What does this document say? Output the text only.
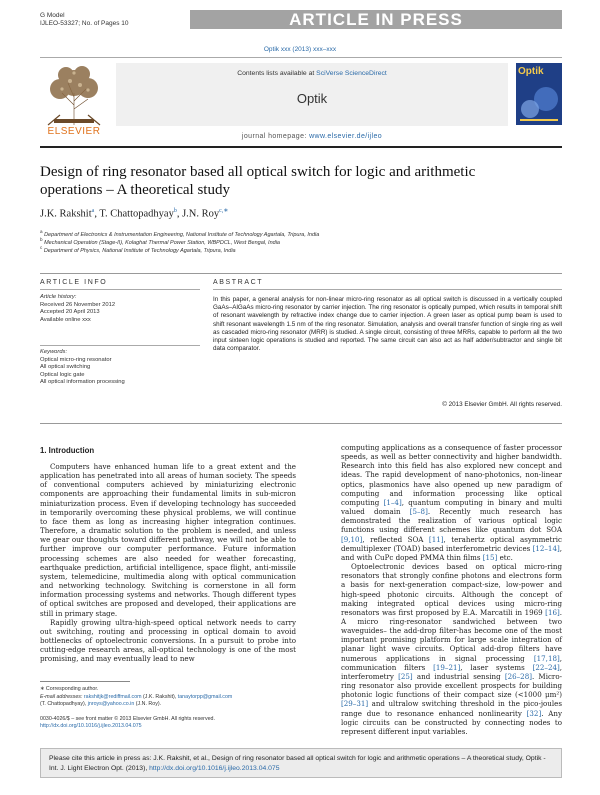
G Model
IJLEO-53327; No. of Pages 10	ARTICLE IN PRESS
Optik xxx (2013) xxx–xxx
ELSEVIER
Contents lists available at SciVerse ScienceDirect
Optik
journal homepage: www.elsevier.de/ijleo
Optik
Design of ring resonator based all optical switch for logic and arithmetic operations – A theoretical study
J.K. Rakshit$^a$, T. Chattopadhyay$^b$, J.N. Roy$^{c,∗}$
$^a$ Department of Electronics & Instrumentation Engineering, National Institute of Technology Agartala, Tripura, India
$^b$ Mechanical Operation (Stage-II), Kolaghat Thermal Power Station, WBPDCL, West Bengal, India
$^c$ Department of Physics, National Institute of Technology Agartala, Tripura, India
ARTICLE INFO
Article history:
Received 26 November 2012
Accepted 20 April 2013
Available online xxx
Keywords:
Optical micro-ring resonator
All optical switching
Optical logic gate
All optical information processing
ABSTRACT
In this paper, a general analysis for non-linear micro-ring resonator as all optical switch is discussed in a vertically coupled GaAs–AlGaAs micro-ring resonator by carrier injection. The ring resonator is optically pumped, which results in temporal shift of resonant wavelength by refractive index change due to carrier injection. A green laser as optical pump beam is used to shift resonant wavelength 1.5 nm of the ring resonator. Simulation, analysis and overall transfer function of single ring as well as cascaded micro-ring resonator (MRR) is studied. A single circuit, consisting of three MRRs, capable to perform all the two input sixteen logic operations is studied and reported. The same circuit can also act as half adder/subtractor and single bit data comparator.
© 2013 Elsevier GmbH. All rights reserved.
1. Introduction

Computers have enhanced human life to a great extent and the application has penetrated into all areas of human society. The speeds of conventional computers achieved by miniaturizing electronic components are approaching their fundamental limits in sub-micron miniaturization process. Even if developing technology has succeeded in temporarily overcoming these physical problems, we will continue to face them as long as increasing higher integration continues. Therefore, a dramatic solution to the problem is needed, and unless we gear our thoughts toward different pathway, we will not be able to further improve our computer performance. Future information processing schemes are also needed for weather forecasting, earthquake prediction, artificial intelligence, space flight, anti-missile system, telemedicine, multimedia along with optical communication and networking technology. Switching is cornerstone in all form information processing systems and networks. Though different types of optical switches are proposed and developed, their applications are still in primary stage.

Rapidly growing ultra-high-speed optical network needs to carry out switching, routing and processing in optical domain to avoid bottlenecks of optoelectronic conversions. In a pursuit to probe into cutting-edge research areas, all-optical technology is one of the most promising, and may eventually lead to new

computing applications as a consequence of faster processor speeds, as well as better connectivity and higher bandwidth. Research into this field has also explored new concept and ideas. The rapid development of nano-photonics, non-linear optics, plasmonics have also opened up new paradigm of computing and information processing like optical computing [1–4], quantum computing in binary and multi valued domain [5–8]. Recently much research has demonstrated the realization of various optical logic functions using different schemes like quantum dot SOA [9,10], reflected SOA [11], terahertz optical asymmetric demultiplexer (TOAD) based interferometric devices [12–14], and with CuPc doped PMMA thin films [15] etc.

Optoelectronic devices based on optical micro-ring resonators that strongly confine photons and electrons form a basis for next-generation compact-size, low-power and high-speed photonic circuits. Although the concept of making integrated optical devices using micro-ring resonators was first proposed by E.A. Marcatili in 1969 [16]. A micro ring-resonator sandwiched between two waveguides– the add-drop filter-has become one of the most important promising platform for large scale integration of planar light wave circuits. Optical add-drop filters have numerous applications in signal processing [17,18], communication filters [19–21], laser systems [22–24], interferometry [25] and industrial sensing [26–28]. Micro-ring resonator also provide excellent prospects for building photonic logic functions of their compact size (<1000 μm²) [29–31] and ultralow switching threshold in the pico-joules range due to resonance enhanced nonlinearity [32]. Any logic circuits can be constructed by connecting nodes to represent different input variables.

∗ Corresponding author.
E-mail addresses: rakshitjk@rediffmail.com (J.K. Rakshit), tanaytorpp@gmail.com
(T. Chattopadhyay), jnroys@yahoo.co.in (J.N. Roy).
0030-4026/$ – see front matter © 2013 Elsevier GmbH. All rights reserved.
http://dx.doi.org/10.1016/j.ijleo.2013.04.075
Please cite this article in press as: J.K. Rakshit, et al., Design of ring resonator based all optical switch for logic and arithmetic operations – A theoretical study, Optik - Int. J. Light Electron Opt. (2013), http://dx.doi.org/10.1016/j.ijleo.2013.04.075
